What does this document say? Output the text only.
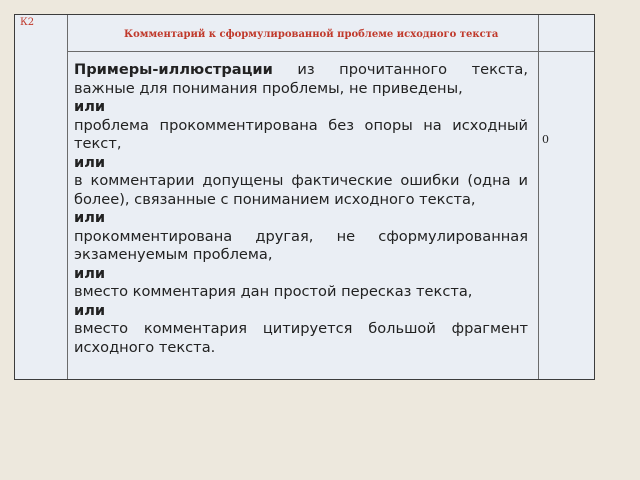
К2
Комментарий к сформулированной проблеме исходного текста

Примеры-иллюстрации из прочитанного текста, важные для понимания проблемы, не приведены,

или

проблема прокомментирована без опоры на исходный текст,

или

в комментарии допущены фактические ошибки (одна и более), связанные с пониманием исходного текста,

или

прокомментирована другая, не сформулированная экзаменуемым проблема,

или

вместо комментария дан простой пересказ текста,

или

вместо комментария цитируется большой фрагмент исходного текста.

0
